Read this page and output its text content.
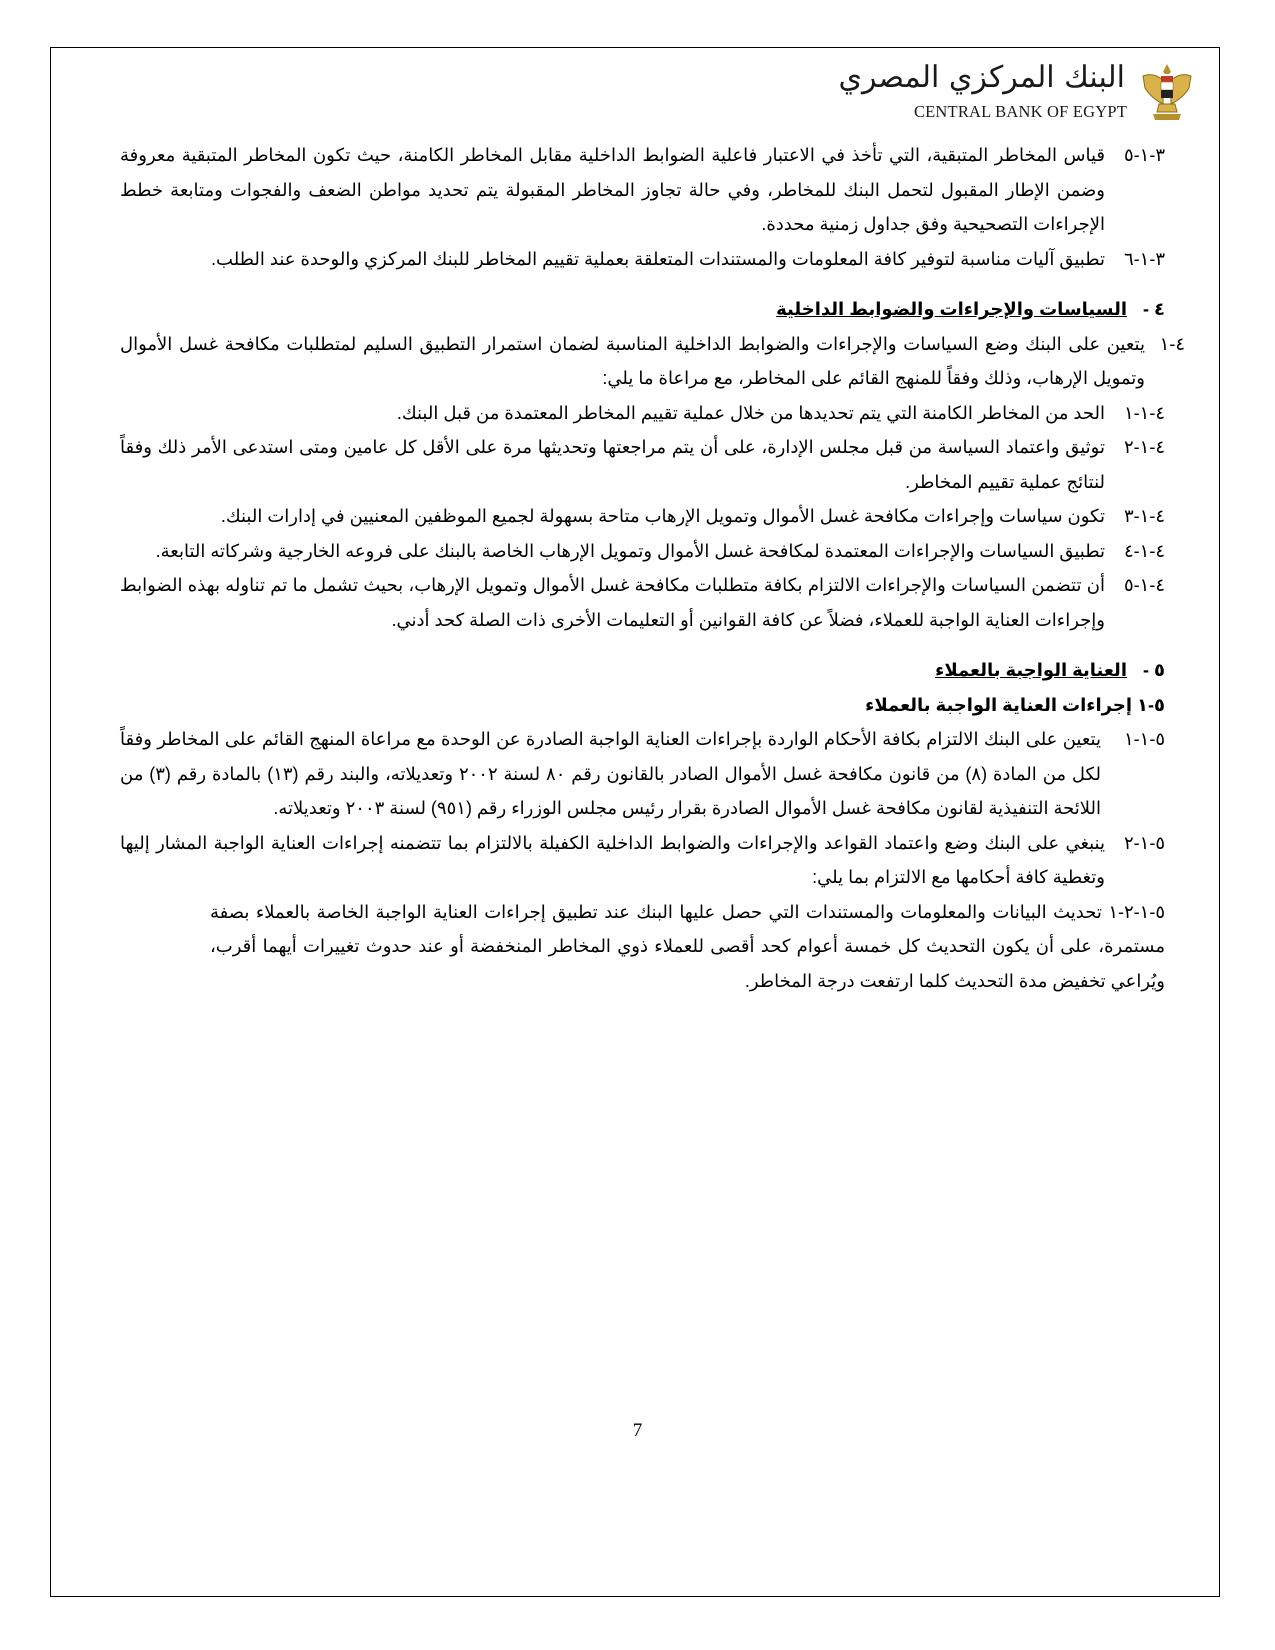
البنك المركزي المصري
CENTRAL BANK OF EGYPT

٣-١-٥
قياس المخاطر المتبقية، التي تأخذ في الاعتبار فاعلية الضوابط الداخلية مقابل المخاطر الكامنة، حيث تكون المخاطر المتبقية معروفة وضمن الإطار المقبول لتحمل البنك للمخاطر، وفي حالة تجاوز المخاطر المقبولة يتم تحديد مواطن الضعف والفجوات ومتابعة خطط الإجراءات التصحيحية وفق جداول زمنية محددة.

٣-١-٦
تطبيق آليات مناسبة لتوفير كافة المعلومات والمستندات المتعلقة بعملية تقييم المخاطر للبنك المركزي والوحدة عند الطلب.

٤ -السياسات والإجراءات والضوابط الداخلية

٤-١
يتعين على البنك وضع السياسات والإجراءات والضوابط الداخلية المناسبة لضمان استمرار التطبيق السليم لمتطلبات مكافحة غسل الأموال وتمويل الإرهاب، وذلك وفقاً للمنهج القائم على المخاطر، مع مراعاة ما يلي:

٤-١-١
الحد من المخاطر الكامنة التي يتم تحديدها من خلال عملية تقييم المخاطر المعتمدة من قبل البنك.

٤-١-٢
توثيق واعتماد السياسة من قبل مجلس الإدارة، على أن يتم مراجعتها وتحديثها مرة على الأقل كل عامين ومتى استدعى الأمر ذلك وفقاً لنتائج عملية تقييم المخاطر.

٤-١-٣
تكون سياسات وإجراءات مكافحة غسل الأموال وتمويل الإرهاب متاحة بسهولة لجميع الموظفين المعنيين في إدارات البنك.

٤-١-٤
تطبيق السياسات والإجراءات المعتمدة لمكافحة غسل الأموال وتمويل الإرهاب الخاصة بالبنك على فروعه الخارجية وشركاته التابعة.

٤-١-٥
أن تتضمن السياسات والإجراءات الالتزام بكافة متطلبات مكافحة غسل الأموال وتمويل الإرهاب، بحيث تشمل ما تم تناوله بهذه الضوابط وإجراءات العناية الواجبة للعملاء، فضلاً عن كافة القوانين أو التعليمات الأخرى ذات الصلة كحد أدني.

٥ -العناية الواجبة بالعملاء

٥-١ إجراءات العناية الواجبة بالعملاء

٥-١-١
يتعين على البنك الالتزام بكافة الأحكام الواردة بإجراءات العناية الواجبة الصادرة عن الوحدة مع مراعاة المنهج القائم على المخاطر وفقاً لكل من المادة (٨) من قانون مكافحة غسل الأموال الصادر بالقانون رقم ٨٠ لسنة ٢٠٠٢ وتعديلاته، والبند رقم (١٣) بالمادة رقم (٣) من اللائحة التنفيذية لقانون مكافحة غسل الأموال الصادرة بقرار رئيس مجلس الوزراء رقم (٩٥١) لسنة ٢٠٠٣ وتعديلاته.

٥-١-٢
ينبغي على البنك وضع واعتماد القواعد والإجراءات والضوابط الداخلية الكفيلة بالالتزام بما تتضمنه إجراءات العناية الواجبة المشار إليها وتغطية كافة أحكامها مع الالتزام بما يلي:

٥-١-٢-١ تحديث البيانات والمعلومات والمستندات التي حصل عليها البنك عند تطبيق إجراءات العناية الواجبة الخاصة بالعملاء بصفة مستمرة، على أن يكون التحديث كل خمسة أعوام كحد أقصى للعملاء ذوي المخاطر المنخفضة أو عند حدوث تغييرات أيهما أقرب، ويُراعي تخفيض مدة التحديث كلما ارتفعت درجة المخاطر.

7
